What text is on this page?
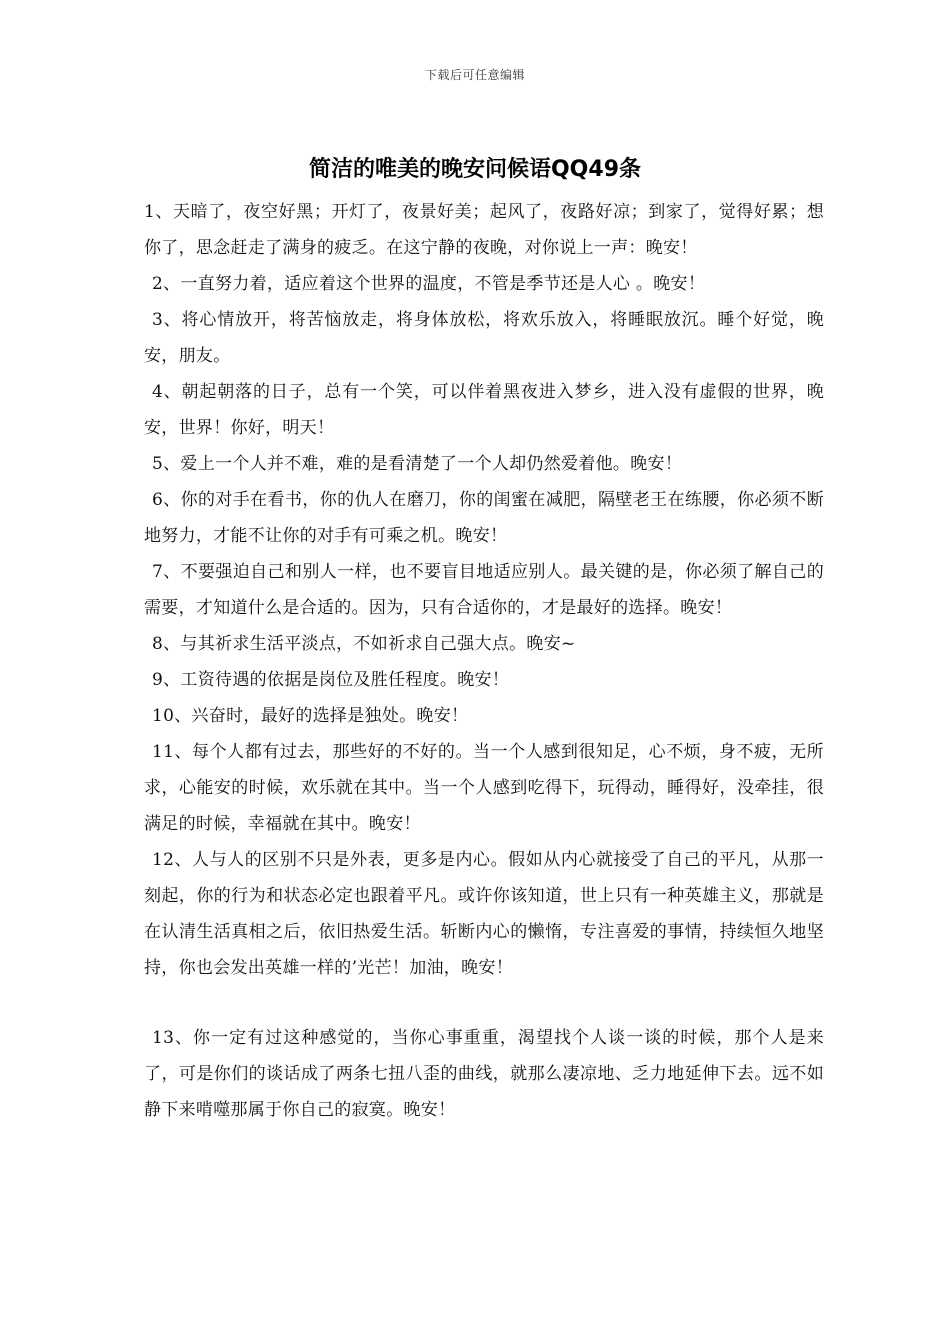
下载后可任意编辑
简洁的唯美的晚安问候语QQ49条

1、天暗了，夜空好黑；开灯了，夜景好美；起风了，夜路好凉；到家了，觉得好累；想你了，思念赶走了满身的疲乏。在这宁静的夜晚，对你说上一声：晚安！

2、一直努力着，适应着这个世界的温度，不管是季节还是人心 。晚安！

3、将心情放开，将苦恼放走，将身体放松，将欢乐放入，将睡眠放沉。睡个好觉，晚安，朋友。

4、朝起朝落的日子，总有一个笑，可以伴着黑夜进入梦乡，进入没有虚假的世界，晚安，世界！你好，明天！

5、爱上一个人并不难，难的是看清楚了一个人却仍然爱着他。晚安！

6、你的对手在看书，你的仇人在磨刀，你的闺蜜在减肥，隔壁老王在练腰，你必须不断地努力，才能不让你的对手有可乘之机。晚安！

7、不要强迫自己和别人一样，也不要盲目地适应别人。最关键的是，你必须了解自己的需要，才知道什么是合适的。因为，只有合适你的，才是最好的选择。晚安！

8、与其祈求生活平淡点，不如祈求自己强大点。晚安~

9、工资待遇的依据是岗位及胜任程度。晚安！

10、兴奋时，最好的选择是独处。晚安！

11、每个人都有过去，那些好的不好的。当一个人感到很知足，心不烦，身不疲，无所求，心能安的时候，欢乐就在其中。当一个人感到吃得下，玩得动，睡得好，没牵挂，很满足的时候，幸福就在其中。晚安！

12、人与人的区别不只是外表，更多是内心。假如从内心就接受了自己的平凡，从那一刻起，你的行为和状态必定也跟着平凡。或许你该知道，世上只有一种英雄主义，那就是在认清生活真相之后，依旧热爱生活。斩断内心的懒惰，专注喜爱的事情，持续恒久地坚持，你也会发出英雄一样的’光芒！加油，晚安！

13、你一定有过这种感觉的，当你心事重重，渴望找个人谈一谈的时候，那个人是来了，可是你们的谈话成了两条七扭八歪的曲线，就那么凄凉地、乏力地延伸下去。远不如静下来啃噬那属于你自己的寂寞。晚安！
